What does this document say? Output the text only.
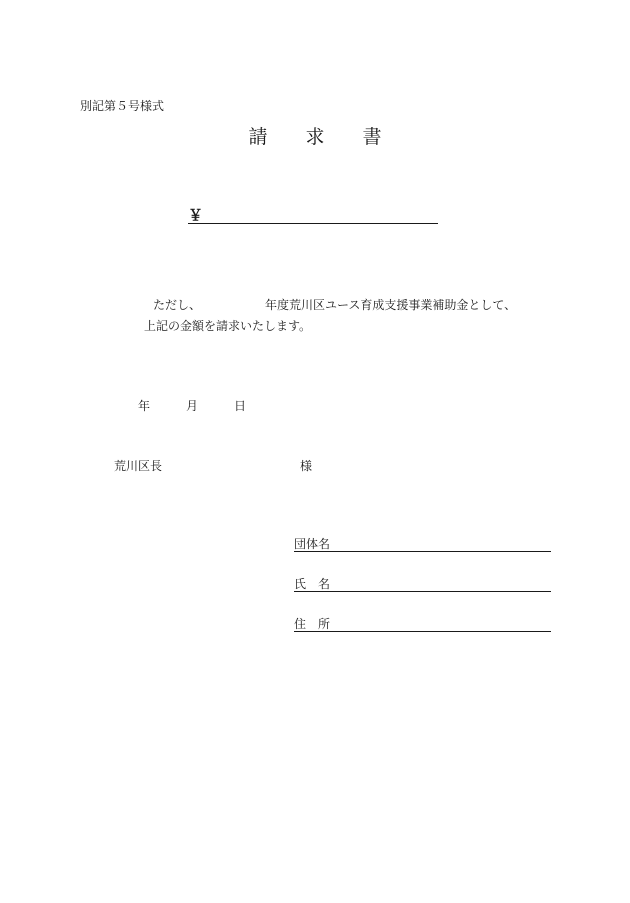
別記第５号様式
請 求 書
￥
ただし、	年度荒川区ユース育成支援事業補助金として、
上記の金額を請求いたします。
年	月	日
荒川区長	様
団体名
氏　名
住　所
